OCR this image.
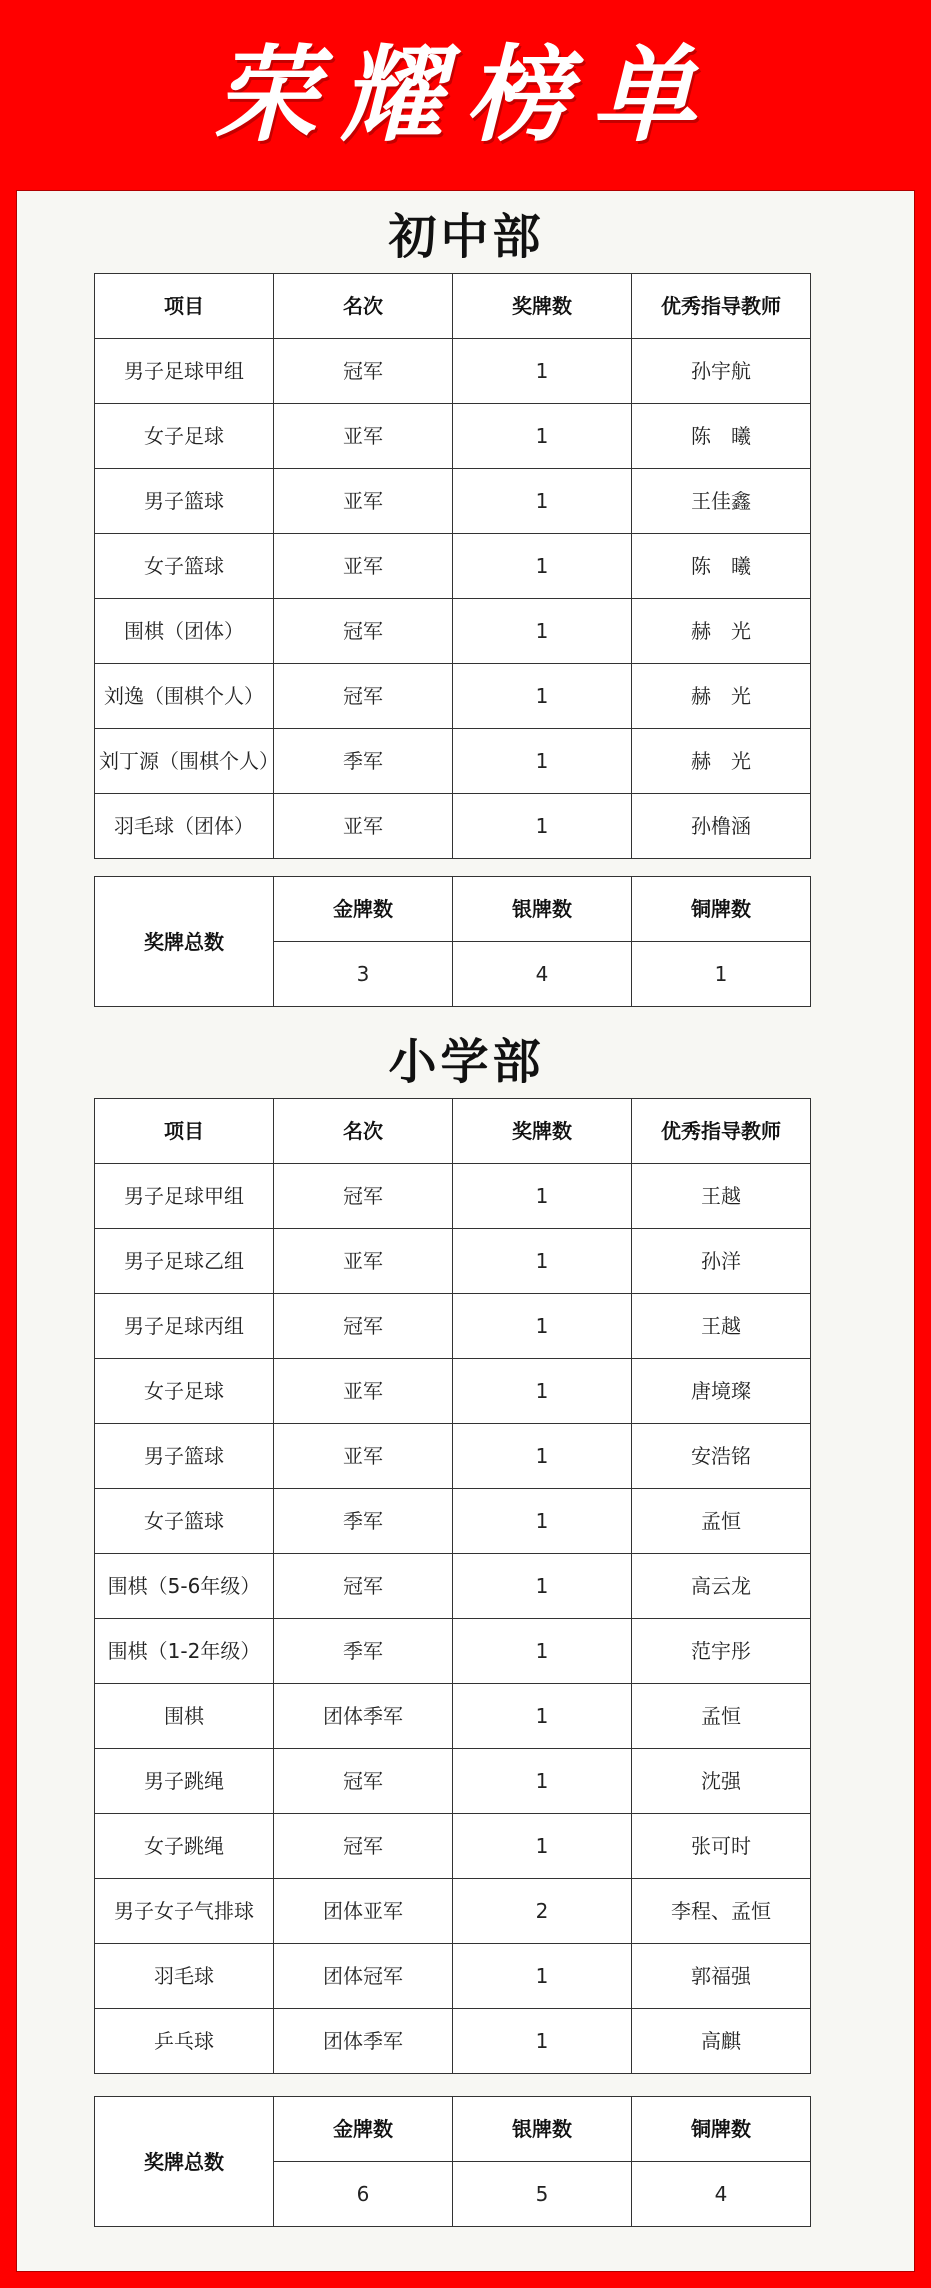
荣耀榜单
初中部
项目	名次	奖牌数	优秀指导教师
男子足球甲组	冠军	1	孙宇航
女子足球	亚军	1	陈　曦
男子篮球	亚军	1	王佳鑫
女子篮球	亚军	1	陈　曦
围棋（团体）	冠军	1	赫　光
刘逸（围棋个人）	冠军	1	赫　光
刘丁源（围棋个人）	季军	1	赫　光
羽毛球（团体）	亚军	1	孙橹涵
奖牌总数	金牌数	银牌数	铜牌数
	3	4	1
小学部
项目	名次	奖牌数	优秀指导教师
男子足球甲组	冠军	1	王越
男子足球乙组	亚军	1	孙洋
男子足球丙组	冠军	1	王越
女子足球	亚军	1	唐境璨
男子篮球	亚军	1	安浩铭
女子篮球	季军	1	孟恒
围棋（5-6年级）	冠军	1	高云龙
围棋（1-2年级）	季军	1	范宇彤
围棋	团体季军	1	孟恒
男子跳绳	冠军	1	沈强
女子跳绳	冠军	1	张可时
男子女子气排球	团体亚军	2	李程、孟恒
羽毛球	团体冠军	1	郭福强
乒乓球	团体季军	1	高麒
奖牌总数	金牌数	银牌数	铜牌数
	6	5	4
